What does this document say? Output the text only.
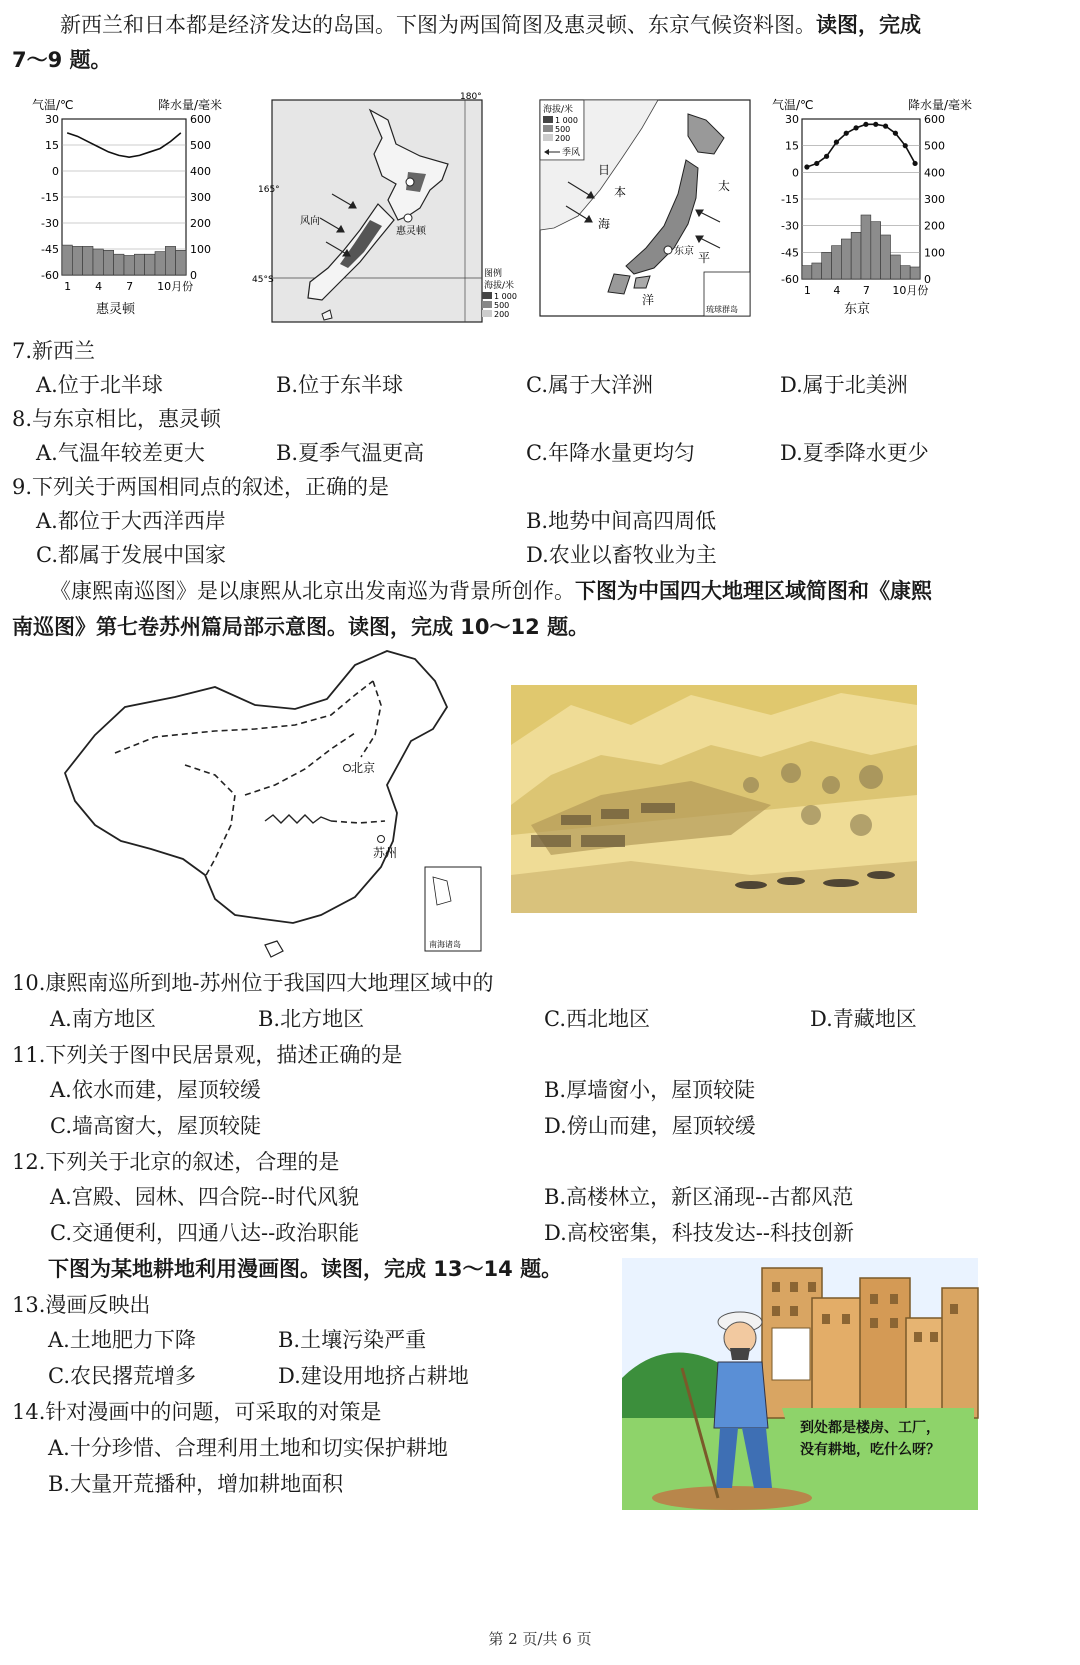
新西兰和日本都是经济发达的岛国。下图为两国简图及惠灵顿、东京气候资料图。读图，完成
7～9 题。
气温/℃	降水量/毫米
30
15
0
-15
-30
-45
-60
600
500
400
300
200
100
0
1 4 7 10月份
惠灵顿
180°
165°
45°S
惠灵顿
风向
图例
海拔/米
1 000
500
200
海拔/米
1 000
500
200
季风
东京
日
本
海
太
平
洋
琉球群岛
气温/℃	降水量/毫米
30
15
0
-15
-30
-45
-60
600
500
400
300
200
100
0
1 4 7 10月份
东京
7.新西兰
A.位于北半球	B.位于东半球	C.属于大洋洲	D.属于北美洲
8.与东京相比，惠灵顿
A.气温年较差更大	B.夏季气温更高	C.年降水量更均匀	D.夏季降水更少
9.下列关于两国相同点的叙述，正确的是
A.都位于大西洋西岸	B.地势中间高四周低
C.都属于发展中国家	D.农业以畜牧业为主
《康熙南巡图》是以康熙从北京出发南巡为背景所创作。下图为中国四大地理区域简图和《康熙
南巡图》第七卷苏州篇局部示意图。读图，完成 10～12 题。
北京
苏州
南海诸岛
10.康熙南巡所到地-苏州位于我国四大地理区域中的
A.南方地区	B.北方地区	C.西北地区	D.青藏地区
11.下列关于图中民居景观，描述正确的是
A.依水而建，屋顶较缓	B.厚墙窗小，屋顶较陡
C.墙高窗大，屋顶较陡	D.傍山而建，屋顶较缓
12.下列关于北京的叙述，合理的是
A.宫殿、园林、四合院--时代风貌	B.高楼林立，新区涌现--古都风范
C.交通便利，四通八达--政治职能	D.高校密集，科技发达--科技创新
下图为某地耕地利用漫画图。读图，完成 13～14 题。
13.漫画反映出
A.土地肥力下降	B.土壤污染严重
C.农民撂荒增多	D.建设用地挤占耕地
14.针对漫画中的问题，可采取的对策是
A.十分珍惜、合理利用土地和切实保护耕地
B.大量开荒播种，增加耕地面积
到处都是楼房、工厂，
没有耕地，吃什么呀？
第 2 页/共 6 页
